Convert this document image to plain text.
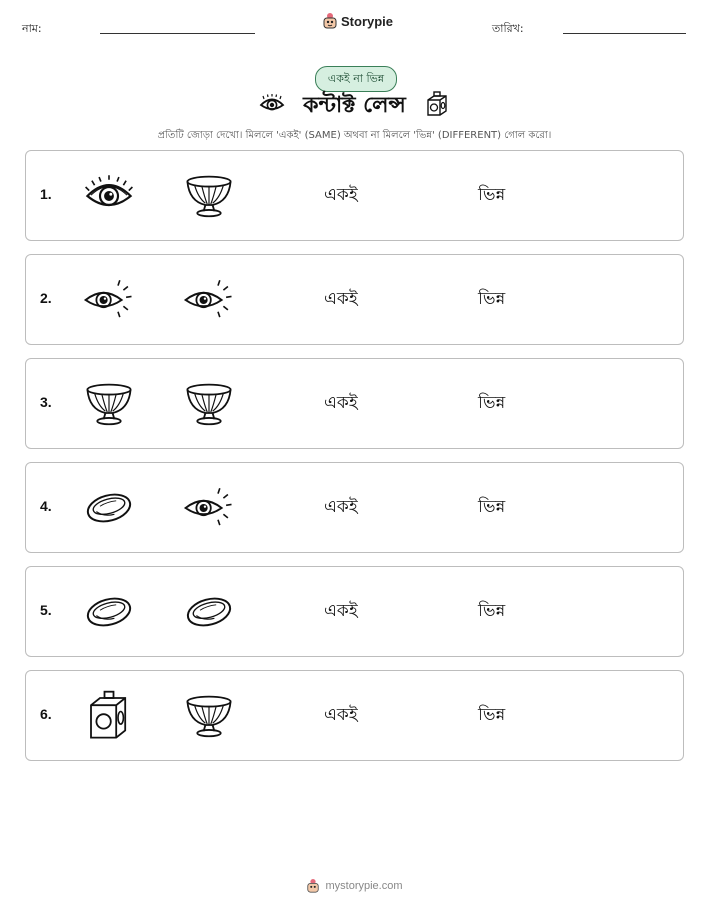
নাম:	Storypie	তারিখ:
একই না ভিন্ন
কন্টাক্ট লেন্স
প্রতিটি জোড়া দেখো। মিললে 'একই' (SAME) অথবা না মিললে 'ভিন্ন' (DIFFERENT) গোল করো।
1.	একই	ভিন্ন
2.	একই	ভিন্ন
3.	একই	ভিন্ন
4.	একই	ভিন্ন
5.	একই	ভিন্ন
6.	একই	ভিন্ন
mystorypie.com
